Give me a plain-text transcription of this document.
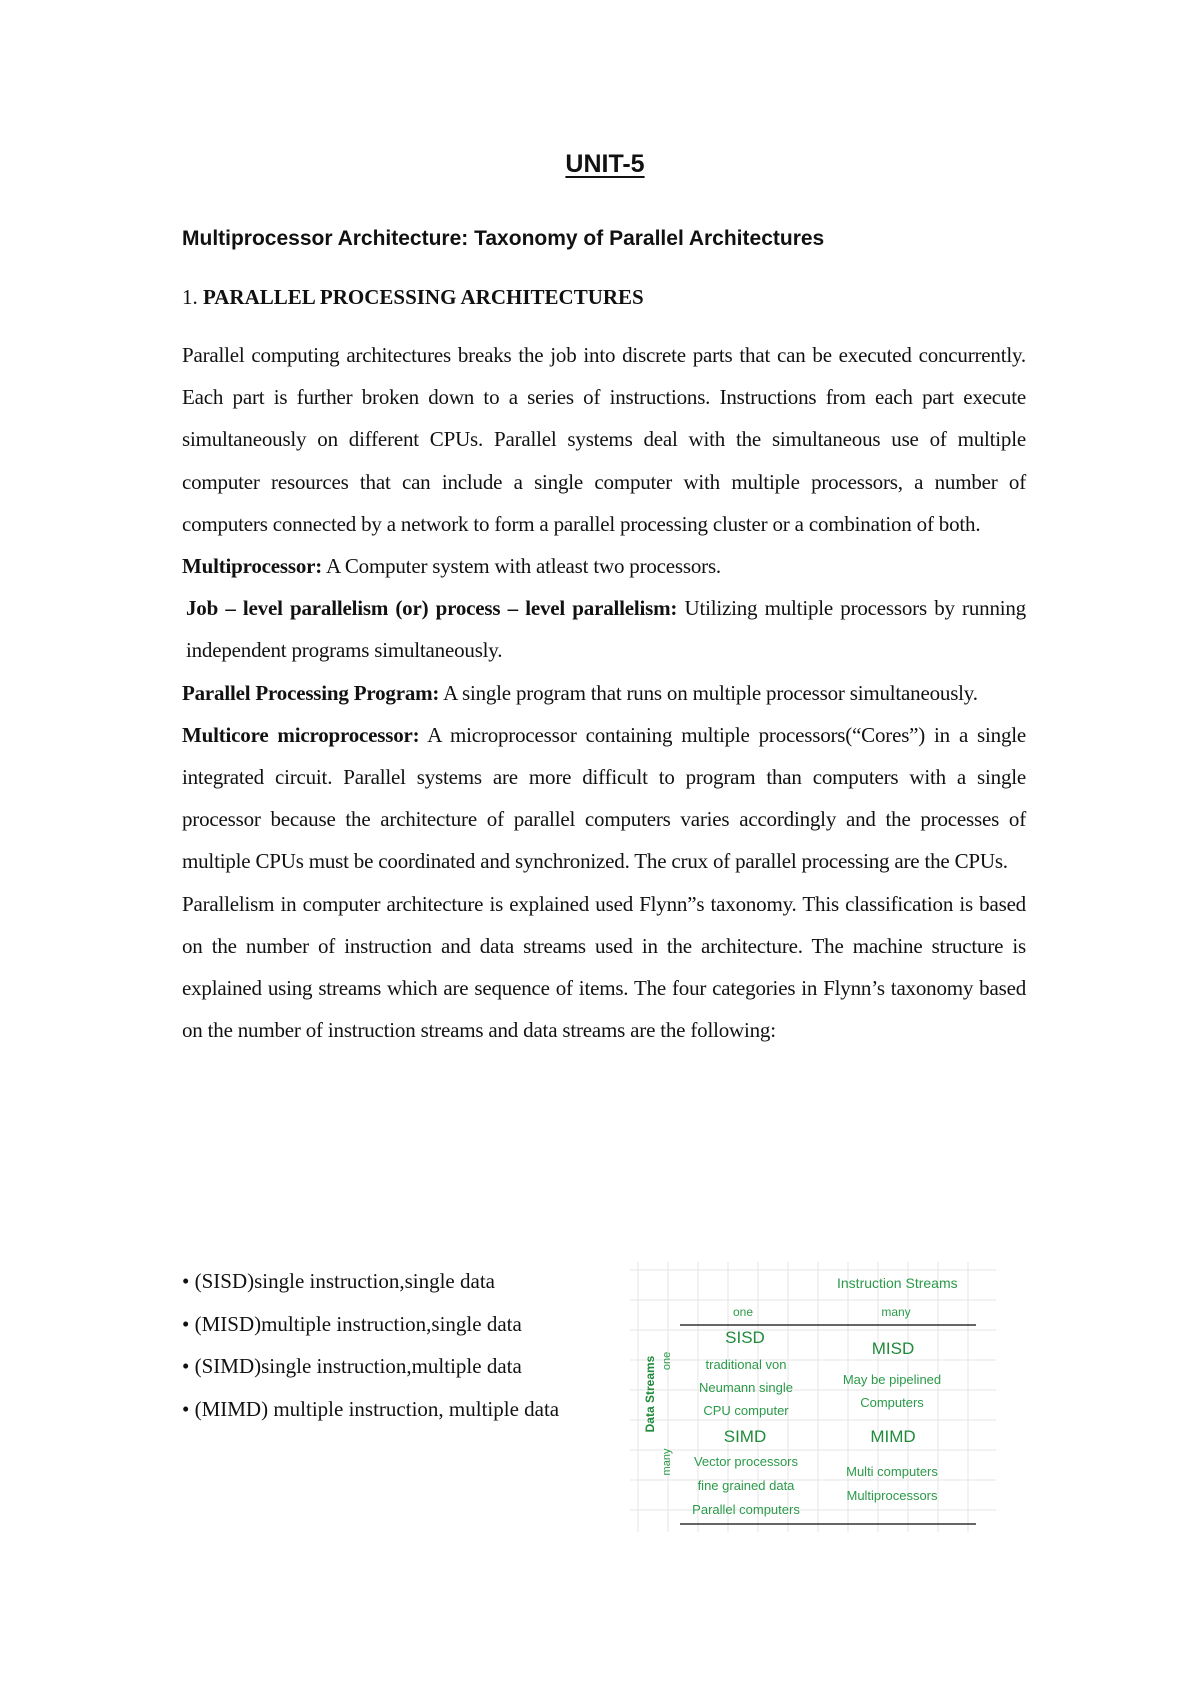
UNIT-5
Multiprocessor Architecture: Taxonomy of Parallel Architectures
1. PARALLEL PROCESSING ARCHITECTURES

Parallel computing architectures breaks the job into discrete parts that can be executed concurrently. Each part is further broken down to a series of instructions. Instructions from each part execute simultaneously on different CPUs. Parallel systems deal with the simultaneous use of multiple computer resources that can include a single computer with multiple processors, a number of computers connected by a network to form a parallel processing cluster or a combination of both.

Multiprocessor: A Computer system with atleast two processors.

Job – level parallelism (or) process – level parallelism: Utilizing multiple processors by running independent programs simultaneously.

Parallel Processing Program: A single program that runs on multiple processor simultaneously.

Multicore microprocessor: A microprocessor containing multiple processors(“Cores”) in a single integrated circuit. Parallel systems are more difficult to program than computers with a single processor because the architecture of parallel computers varies accordingly and the processes of multiple CPUs must be coordinated and synchronized. The crux of parallel processing are the CPUs.

Parallelism in computer architecture is explained used Flynn”s taxonomy. This classification is based on the number of instruction and data streams used in the architecture. The machine structure is explained using streams which are sequence of items. The four categories in Flynn’s taxonomy based on the number of instruction streams and data streams are the following:

• (SISD)single instruction,single data
• (MISD)multiple instruction,single data
• (SIMD)single instruction,multiple data
• (MIMD) multiple instruction, multiple data
Instruction Streams
one	many
Data Streams one
many
SISD
traditional von
Neumann single
CPU computer
MISD
May be pipelined
Computers
SIMD
Vector processors
fine grained data
Parallel computers
MIMD
Multi computers
Multiprocessors
